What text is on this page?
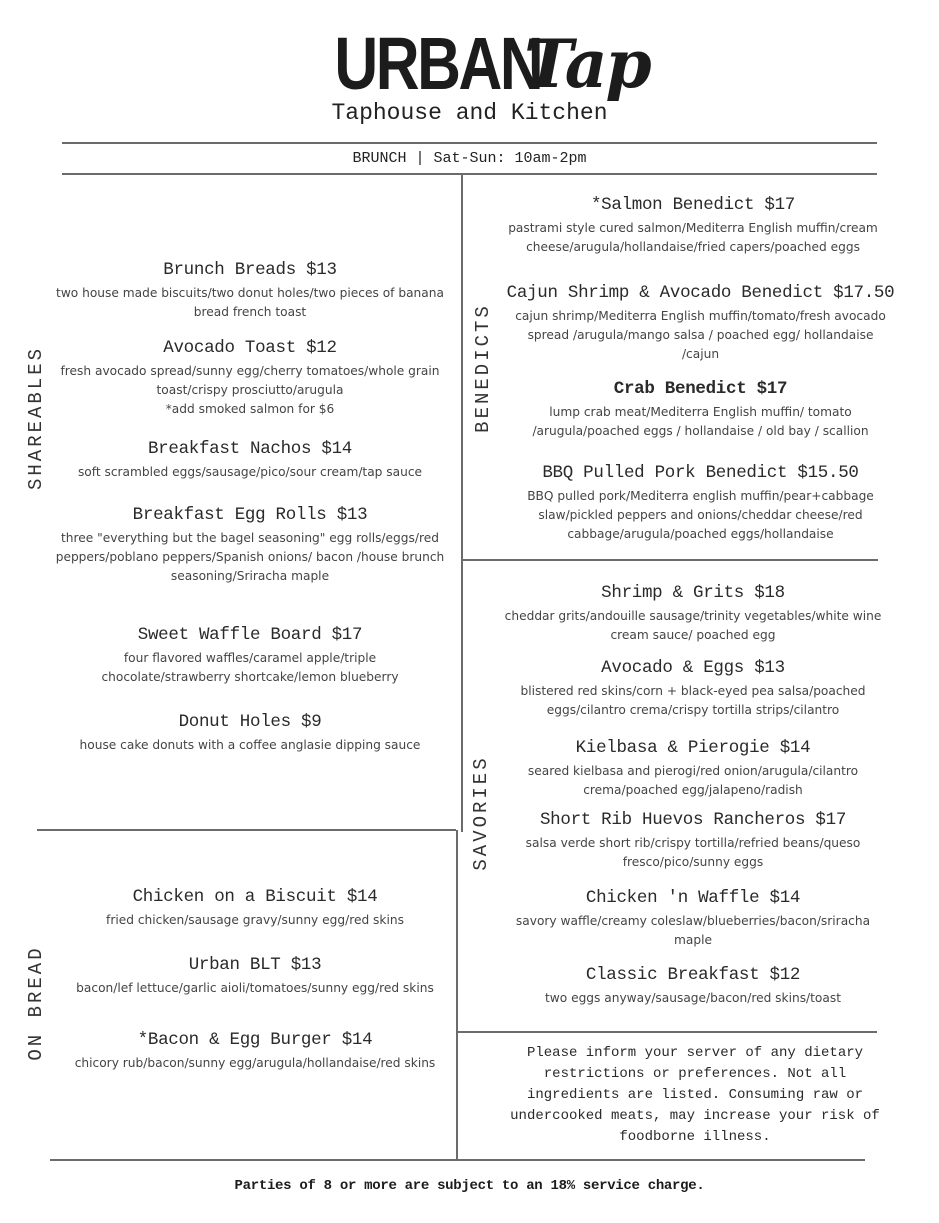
URBAN Tap
Taphouse and Kitchen
BRUNCH | Sat-Sun: 10am-2pm
SHAREABLES
ON BREAD
BENEDICTS
SAVORIES
Brunch Breads $13
two house made biscuits/two donut holes/two pieces of banana bread french toast
Avocado Toast $12
fresh avocado spread/sunny egg/cherry tomatoes/whole grain toast/crispy prosciutto/arugula
*add smoked salmon for $6
Breakfast Nachos $14
soft scrambled eggs/sausage/pico/sour cream/tap sauce
Breakfast Egg Rolls $13
three "everything but the bagel seasoning" egg rolls/eggs/red peppers/poblano peppers/Spanish onions/ bacon /house brunch seasoning/Sriracha maple
Sweet Waffle Board $17
four flavored waffles/caramel apple/triple chocolate/strawberry shortcake/lemon blueberry
Donut Holes $9
house cake donuts with a coffee anglasie dipping sauce
Chicken on a Biscuit $14
fried chicken/sausage gravy/sunny egg/red skins
Urban BLT $13
bacon/lef lettuce/garlic aioli/tomatoes/sunny egg/red skins
*Bacon & Egg Burger $14
chicory rub/bacon/sunny egg/arugula/hollandaise/red skins
*Salmon Benedict $17
pastrami style cured salmon/Mediterra English muffin/cream cheese/arugula/hollandaise/fried capers/poached eggs
Cajun Shrimp & Avocado Benedict $17.50
cajun shrimp/Mediterra English muffin/tomato/fresh avocado spread /arugula/mango salsa / poached egg/ hollandaise /cajun
Crab Benedict $17
lump crab meat/Mediterra English muffin/ tomato /arugula/poached eggs / hollandaise / old bay / scallion
BBQ Pulled Pork Benedict $15.50
BBQ pulled pork/Mediterra english muffin/pear+cabbage slaw/pickled peppers and onions/cheddar cheese/red cabbage/arugula/poached eggs/hollandaise
Shrimp & Grits $18
cheddar grits/andouille sausage/trinity vegetables/white wine cream sauce/ poached egg
Avocado & Eggs $13
blistered red skins/corn + black-eyed pea salsa/poached eggs/cilantro crema/crispy tortilla strips/cilantro
Kielbasa & Pierogie $14
seared kielbasa and pierogi/red onion/arugula/cilantro crema/poached egg/jalapeno/radish
Short Rib Huevos Rancheros $17
salsa verde short rib/crispy tortilla/refried beans/queso fresco/pico/sunny eggs
Chicken 'n Waffle $14
savory waffle/creamy coleslaw/blueberries/bacon/sriracha maple
Classic Breakfast $12
two eggs anyway/sausage/bacon/red skins/toast
Please inform your server of any dietary restrictions or preferences. Not all ingredients are listed. Consuming raw or undercooked meats, may increase your risk of foodborne illness.
Parties of 8 or more are subject to an 18% service charge.
